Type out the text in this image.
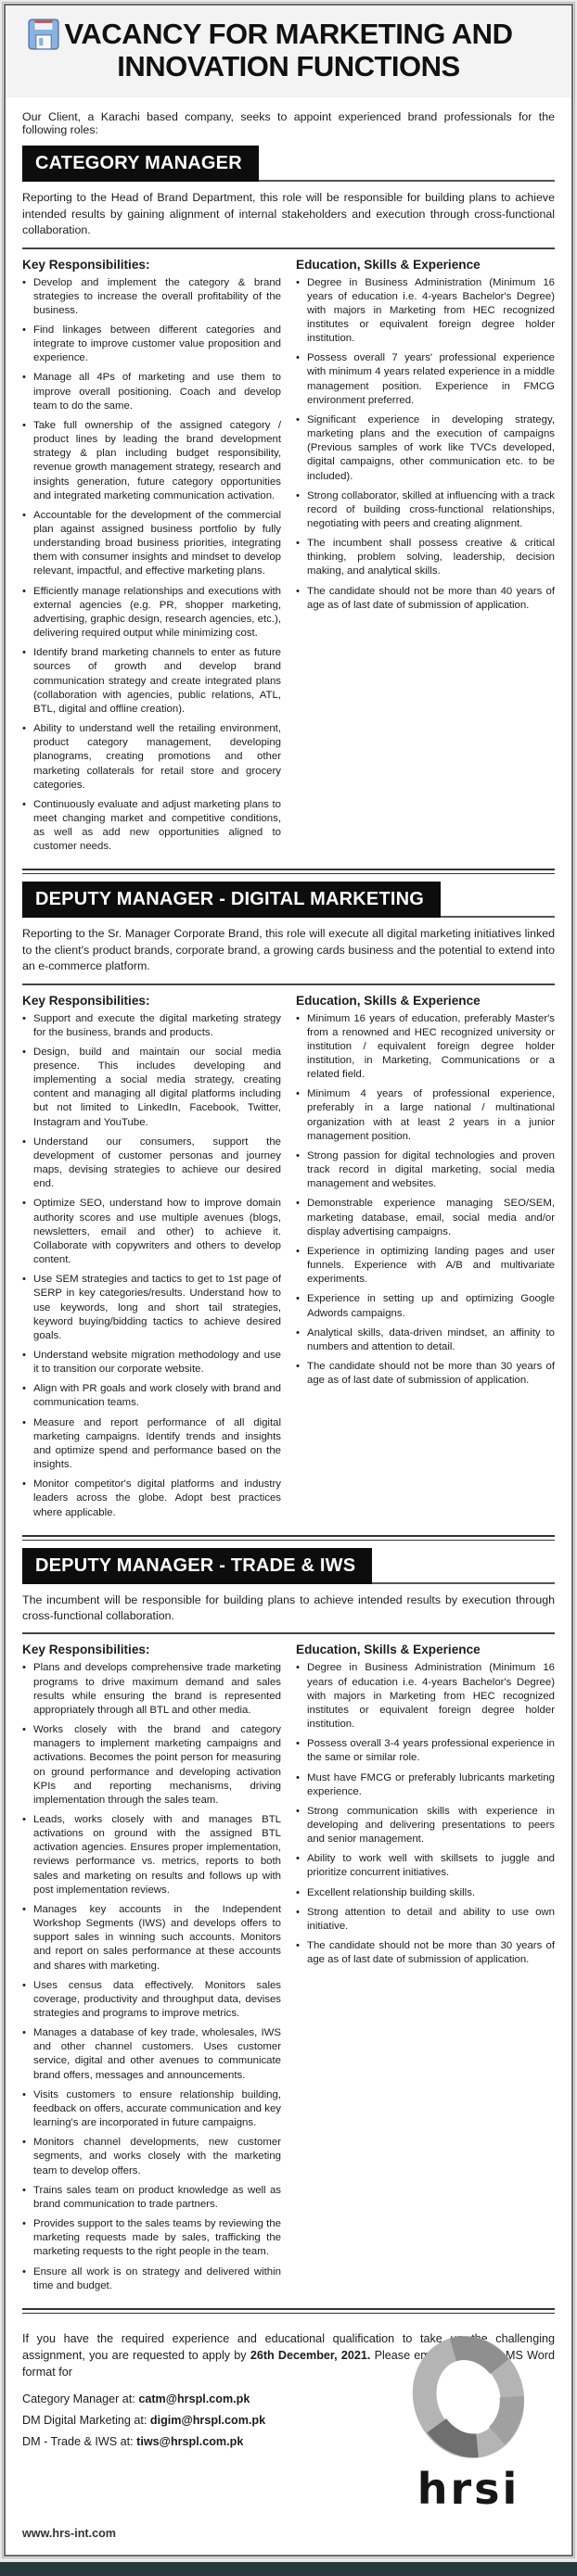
VACANCY FOR MARKETING AND
INNOVATION FUNCTIONS

Our Client, a Karachi based company, seeks to appoint experienced brand professionals for the following roles:

CATEGORY MANAGER

Reporting to the Head of Brand Department, this role will be responsible for building plans to achieve intended results by gaining alignment of internal stakeholders and execution through cross-functional collaboration.

Key Responsibilities:
• Develop and implement the category & brand strategies to increase the overall profitability of the business.
• Find linkages between different categories and integrate to improve customer value proposition and experience.
• Manage all 4Ps of marketing and use them to improve overall positioning. Coach and develop team to do the same.
• Take full ownership of the assigned category / product lines by leading the brand development strategy & plan including budget responsibility, revenue growth management strategy, research and insights generation, future category opportunities and integrated marketing communication activation.
• Accountable for the development of the commercial plan against assigned business portfolio by fully understanding broad business priorities, integrating them with consumer insights and mindset to develop relevant, impactful, and effective marketing plans.
• Efficiently manage relationships and executions with external agencies (e.g. PR, shopper marketing, advertising, graphic design, research agencies, etc.), delivering required output while minimizing cost.
• Identify brand marketing channels to enter as future sources of growth and develop brand communication strategy and create integrated plans (collaboration with agencies, public relations, ATL, BTL, digital and offline creation).
• Ability to understand well the retailing environment, product category management, developing planograms, creating promotions and other marketing collaterals for retail store and grocery categories.
• Continuously evaluate and adjust marketing plans to meet changing market and competitive conditions, as well as add new opportunities aligned to customer needs.
Education, Skills & Experience
• Degree in Business Administration (Minimum 16 years of education i.e. 4-years Bachelor's Degree) with majors in Marketing from HEC recognized institutes or equivalent foreign degree holder institution.
• Possess overall 7 years' professional experience with minimum 4 years related experience in a middle management position. Experience in FMCG environment preferred.
• Significant experience in developing strategy, marketing plans and the execution of campaigns (Previous samples of work like TVCs developed, digital campaigns, other communication etc. to be included).
• Strong collaborator, skilled at influencing with a track record of building cross-functional relationships, negotiating with peers and creating alignment.
• The incumbent shall possess creative & critical thinking, problem solving, leadership, decision making, and analytical skills.
• The candidate should not be more than 40 years of age as of last date of submission of application.
DEPUTY MANAGER - DIGITAL MARKETING

Reporting to the Sr. Manager Corporate Brand, this role will execute all digital marketing initiatives linked to the client's product brands, corporate brand, a growing cards business and the potential to extend into an e-commerce platform.

Key Responsibilities:
• Support and execute the digital marketing strategy for the business, brands and products.
• Design, build and maintain our social media presence. This includes developing and implementing a social media strategy, creating content and managing all digital platforms including but not limited to LinkedIn, Facebook, Twitter, Instagram and YouTube.
• Understand our consumers, support the development of customer personas and journey maps, devising strategies to achieve our desired end.
• Optimize SEO, understand how to improve domain authority scores and use multiple avenues (blogs, newsletters, email and other) to achieve it. Collaborate with copywriters and others to develop content.
• Use SEM strategies and tactics to get to 1st page of SERP in key categories/results. Understand how to use keywords, long and short tail strategies, keyword buying/bidding tactics to achieve desired goals.
• Understand website migration methodology and use it to transition our corporate website.
• Align with PR goals and work closely with brand and communication teams.
• Measure and report performance of all digital marketing campaigns. Identify trends and insights and optimize spend and performance based on the insights.
• Monitor competitor's digital platforms and industry leaders across the globe. Adopt best practices where applicable.
Education, Skills & Experience
• Minimum 16 years of education, preferably Master's from a renowned and HEC recognized university or institution / equivalent foreign degree holder institution, in Marketing, Communications or a related field.
• Minimum 4 years of professional experience, preferably in a large national / multinational organization with at least 2 years in a junior management position.
• Strong passion for digital technologies and proven track record in digital marketing, social media management and websites.
• Demonstrable experience managing SEO/SEM, marketing database, email, social media and/or display advertising campaigns.
• Experience in optimizing landing pages and user funnels. Experience with A/B and multivariate experiments.
• Experience in setting up and optimizing Google Adwords campaigns.
• Analytical skills, data-driven mindset, an affinity to numbers and attention to detail.
• The candidate should not be more than 30 years of age as of last date of submission of application.
DEPUTY MANAGER - TRADE & IWS

The incumbent will be responsible for building plans to achieve intended results by execution through cross-functional collaboration.

Key Responsibilities:
• Plans and develops comprehensive trade marketing programs to drive maximum demand and sales results while ensuring the brand is represented appropriately through all BTL and other media.
• Works closely with the brand and category managers to implement marketing campaigns and activations. Becomes the point person for measuring on ground performance and developing activation KPIs and reporting mechanisms, driving implementation through the sales team.
• Leads, works closely with and manages BTL activations on ground with the assigned BTL activation agencies. Ensures proper implementation, reviews performance vs. metrics, reports to both sales and marketing on results and follows up with post implementation reviews.
• Manages key accounts in the Independent Workshop Segments (IWS) and develops offers to support sales in winning such accounts. Monitors and report on sales performance at these accounts and shares with marketing.
• Uses census data effectively. Monitors sales coverage, productivity and throughput data, devises strategies and programs to improve metrics.
• Manages a database of key trade, wholesales, IWS and other channel customers. Uses customer service, digital and other avenues to communicate brand offers, messages and announcements.
• Visits customers to ensure relationship building, feedback on offers, accurate communication and key learning's are incorporated in future campaigns.
• Monitors channel developments, new customer segments, and works closely with the marketing team to develop offers.
• Trains sales team on product knowledge as well as brand communication to trade partners.
• Provides support to the sales teams by reviewing the marketing requests made by sales, trafficking the marketing requests to the right people in the team.
• Ensure all work is on strategy and delivered within time and budget.
Education, Skills & Experience
• Degree in Business Administration (Minimum 16 years of education i.e. 4-years Bachelor's Degree) with majors in Marketing from HEC recognized institutes or equivalent foreign degree holder institution.
• Possess overall 3-4 years professional experience in the same or similar role.
• Must have FMCG or preferably lubricants marketing experience.
• Strong communication skills with experience in developing and delivering presentations to peers and senior management.
• Ability to work well with skillsets to juggle and prioritize concurrent initiatives.
• Excellent relationship building skills.
• Strong attention to detail and ability to use own initiative.
• The candidate should not be more than 30 years of age as of last date of submission of application.

If you have the required experience and educational qualification to take up the challenging assignment, you are requested to apply by 26th December, 2021. Please email your CV in MS Word format for

Category Manager at: catm@hrspl.com.pk
DM Digital Marketing at: digim@hrspl.com.pk
DM - Trade & IWS at: tiws@hrspl.com.pk
hrsi
www.hrs-int.com
